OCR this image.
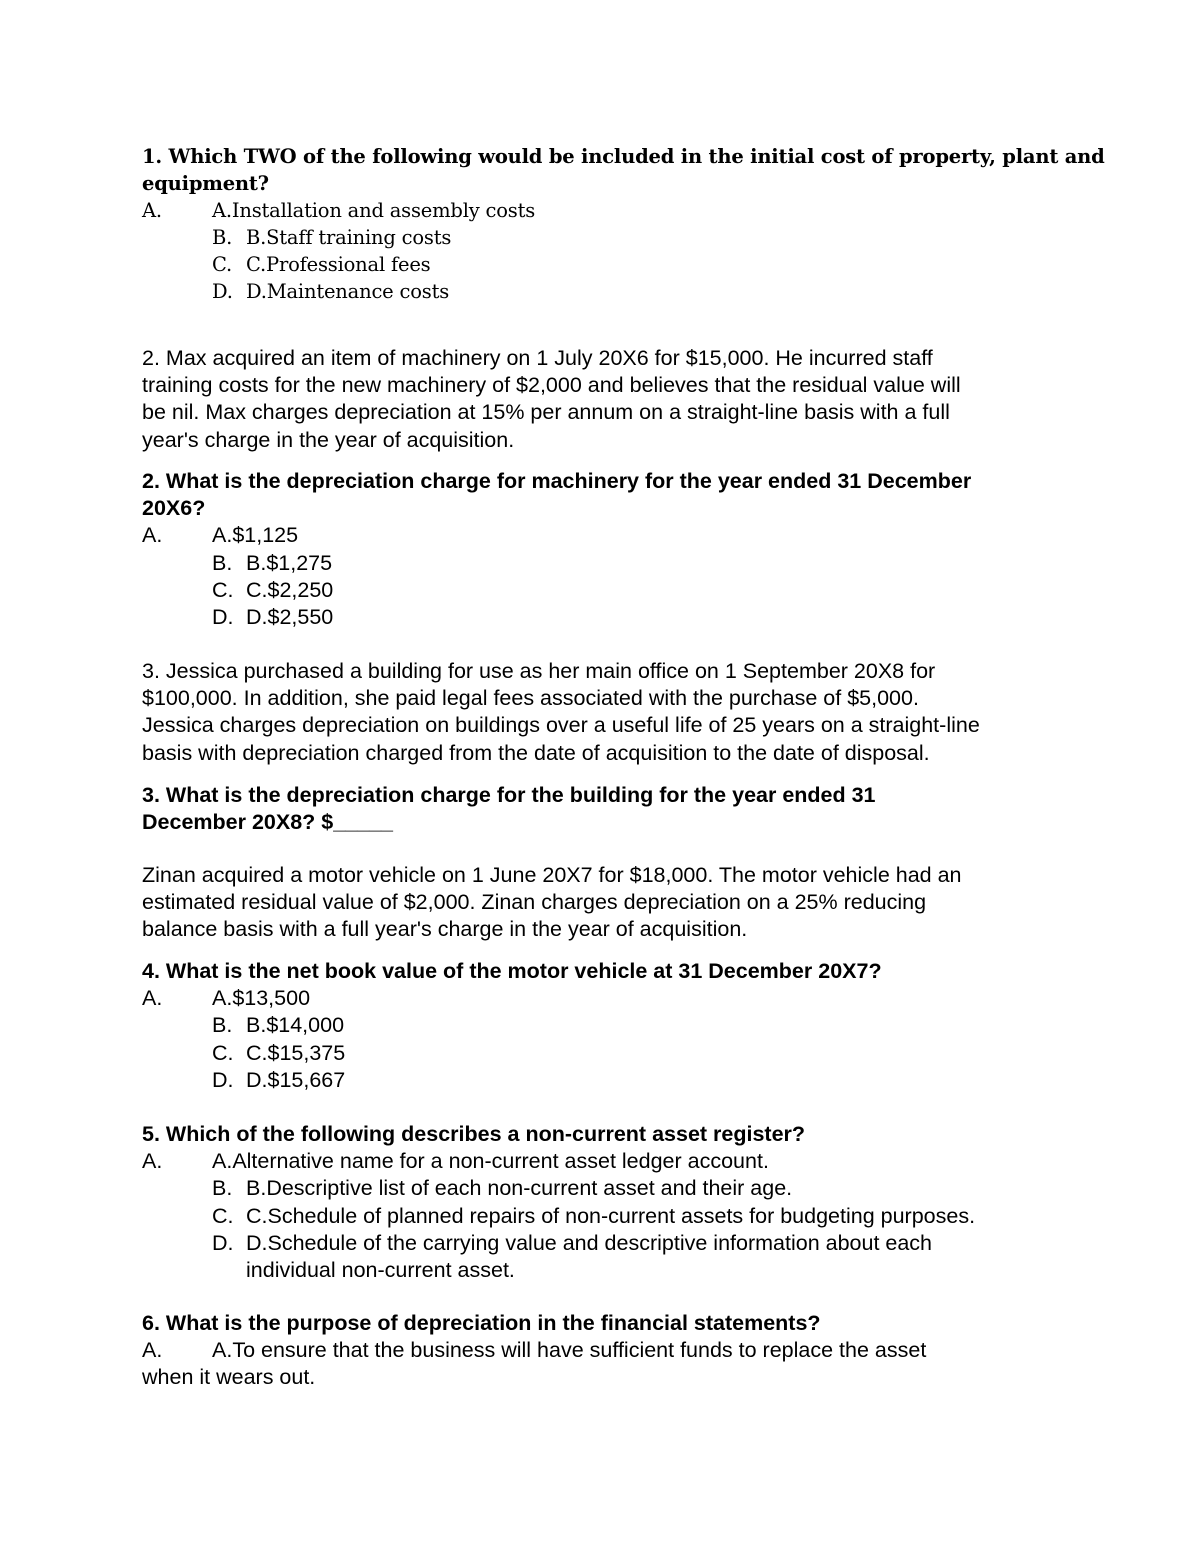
1. Which TWO of the following would be included in the initial cost of property, plant and
equipment?
A.	A.Installation and assembly costs
B. B.Staff training costs
C. C.Professional fees
D. D.Maintenance costs
2. Max acquired an item of machinery on 1 July 20X6 for $15,000. He incurred staff
training costs for the new machinery of $2,000 and believes that the residual value will
be nil. Max charges depreciation at 15% per annum on a straight-line basis with a full
year's charge in the year of acquisition.
2. What is the depreciation charge for machinery for the year ended 31 December
20X6?
A. A.$1,125
B. B.$1,275
C. C.$2,250
D. D.$2,550
3. Jessica purchased a building for use as her main office on 1 September 20X8 for
$100,000. In addition, she paid legal fees associated with the purchase of $5,000.
Jessica charges depreciation on buildings over a useful life of 25 years on a straight-line
basis with depreciation charged from the date of acquisition to the date of disposal.
3. What is the depreciation charge for the building for the year ended 31
December 20X8? $_____
Zinan acquired a motor vehicle on 1 June 20X7 for $18,000. The motor vehicle had an
estimated residual value of $2,000. Zinan charges depreciation on a 25% reducing
balance basis with a full year's charge in the year of acquisition.
4. What is the net book value of the motor vehicle at 31 December 20X7?
A. A.$13,500
B. B.$14,000
C. C.$15,375
D. D.$15,667
5. Which of the following describes a non-current asset register?
A. A.Alternative name for a non-current asset ledger account.
B. B.Descriptive list of each non-current asset and their age.
C. C.Schedule of planned repairs of non-current assets for budgeting purposes.
D. D.Schedule of the carrying value and descriptive information about each
individual non-current asset.
6. What is the purpose of depreciation in the financial statements?
A. A.To ensure that the business will have sufficient funds to replace the asset
when it wears out.
